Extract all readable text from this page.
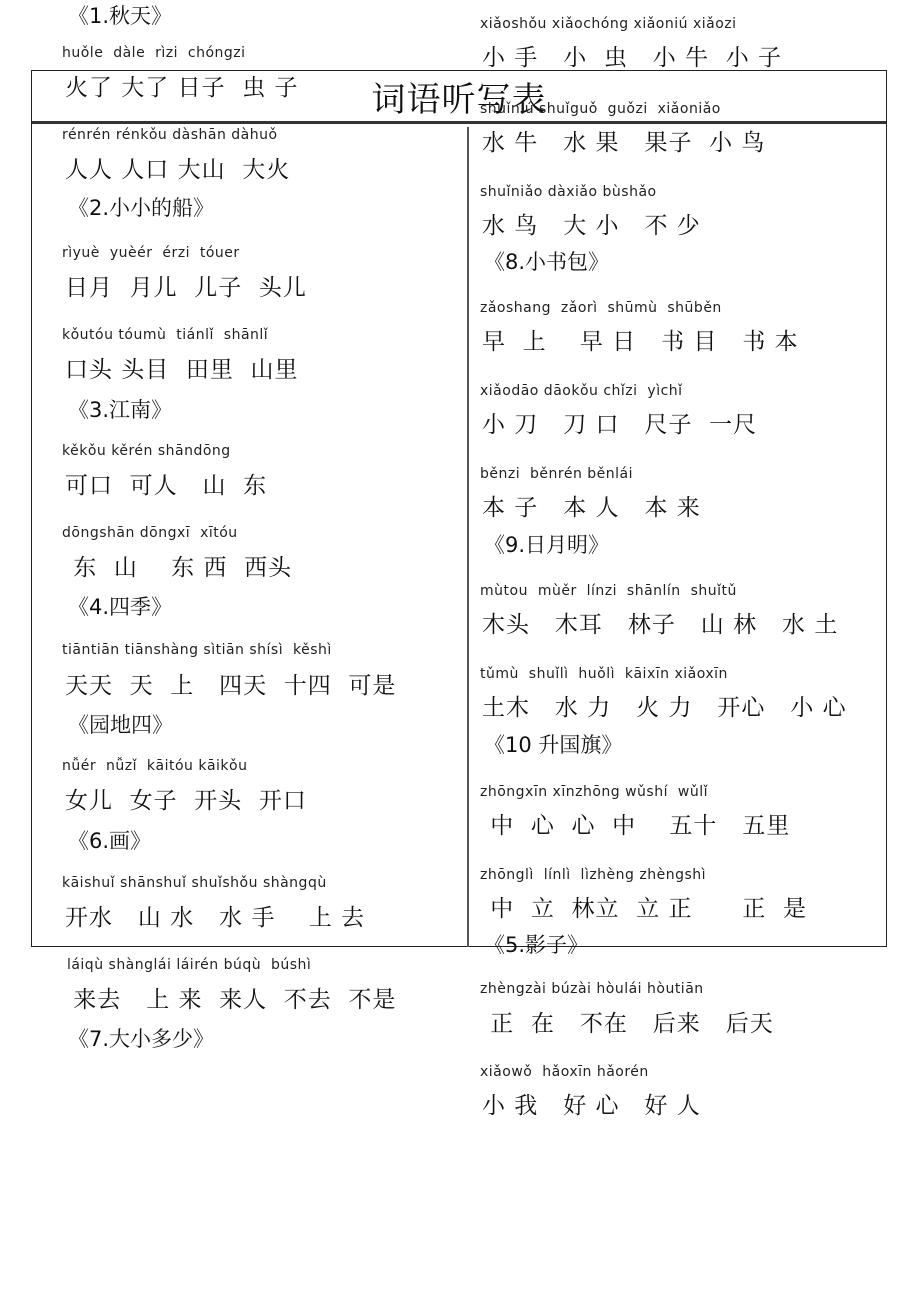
词语听写表
《1.秋天》
huǒle  dàle  rìzi  chóngzi
火了 大了 日子  虫 子
rénrén rénkǒu dàshān dàhuǒ
人人 人口 大山  大火
《2.小小的船》
rìyuè  yuèér  érzi  tóuer
日月  月儿  儿子  头儿
kǒutóu tóumù  tiánlǐ  shānlǐ
口头 头目  田里  山里
《3.江南》
kěkǒu kěrén shāndōng
可口  可人   山  东
dōngshān dōngxī  xītóu
东  山    东 西  西头
《4.四季》
tiāntiān tiānshàng sìtiān shísì  kěshì
天天  天  上   四天  十四  可是
《园地四》
nǚér  nǚzǐ  kāitóu kāikǒu
女儿  女子  开头  开口
《6.画》
kāishuǐ shānshuǐ shuǐshǒu shàngqù
开水   山 水   水 手    上 去
láiqù shànglái láirén búqù  búshì
来去   上 来  来人  不去  不是
《7.大小多少》
xiǎoshǒu xiǎochóng xiǎoniú xiǎozi
小 手   小  虫   小 牛  小 子
shuǐniú shuǐguǒ  guǒzi  xiǎoniǎo
水 牛   水 果   果子  小 鸟
shuǐniǎo dàxiǎo bùshǎo
水 鸟   大 小   不 少
《8.小书包》
zǎoshang  zǎorì  shūmù  shūběn
早  上    早 日   书 目   书 本
xiǎodāo dāokǒu chǐzi  yìchǐ
小 刀   刀 口   尺子  一尺
běnzi  běnrén běnlái
本 子   本 人   本 来
《9.日月明》
mùtou  mùěr  línzi  shānlín  shuǐtǔ
木头   木耳   林子   山 林   水 土
tǔmù  shuǐlì  huǒlì  kāixīn xiǎoxīn
土木   水 力   火 力   开心   小 心
《10 升国旗》
zhōngxīn xīnzhōng wǔshí  wǔlǐ
中  心  心  中    五十   五里
zhōnglì  línlì  lìzhèng zhèngshì
中  立  林立  立 正      正  是
《5.影子》
zhèngzài búzài hòulái hòutiān
正  在   不在   后来   后天
xiǎowǒ  hǎoxīn hǎorén
小 我   好 心   好 人
